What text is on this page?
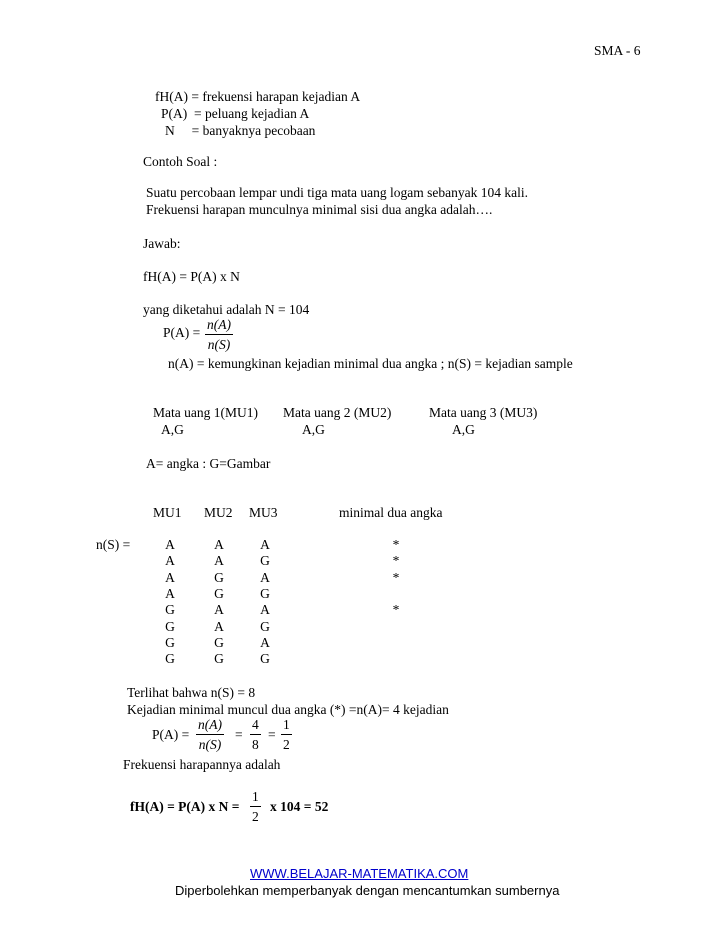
SMA - 6
fH(A) = frekuensi harapan kejadian A
P(A)  = peluang kejadian A
N     = banyaknya pecobaan
Contoh Soal :
Suatu percobaan lempar undi tiga mata uang logam sebanyak 104 kali.
Frekuensi harapan munculnya minimal sisi dua angka adalah….
Jawab:
fH(A) = P(A) x N
yang diketahui adalah N = 104
$P(A) = \frac{n(A)}{n(S)}$
n(A) = kemungkinan kejadian minimal dua angka ; n(S) = kejadian sample
Mata uang 1(MU1) Mata uang 2 (MU2)	Mata uang 3 (MU3)
A,G	A,G	A,G
A= angka : G=Gambar
MU1 MU2 MU3	minimal dua angka
n(S) =	A	A	A	*
A	A	G	*
A	G	A	*
A	G	G
G	A	A	*
G	A	G
G	G	A
G	G	G
Terlihat bahwa n(S) = 8
Kejadian minimal muncul dua angka (*) =n(A)= 4 kejadian
$P(A) = \frac{n(A)}{n(S)} = \frac{4}{8} = \frac{1}{2}$
Frekuensi harapannya adalah
fH(A) = P(A) x $N = \frac{1}{2}$ x 104 = 52
WWW.BELAJAR-MATEMATIKA.COM
Diperbolehkan memperbanyak dengan mencantumkan sumbernya
